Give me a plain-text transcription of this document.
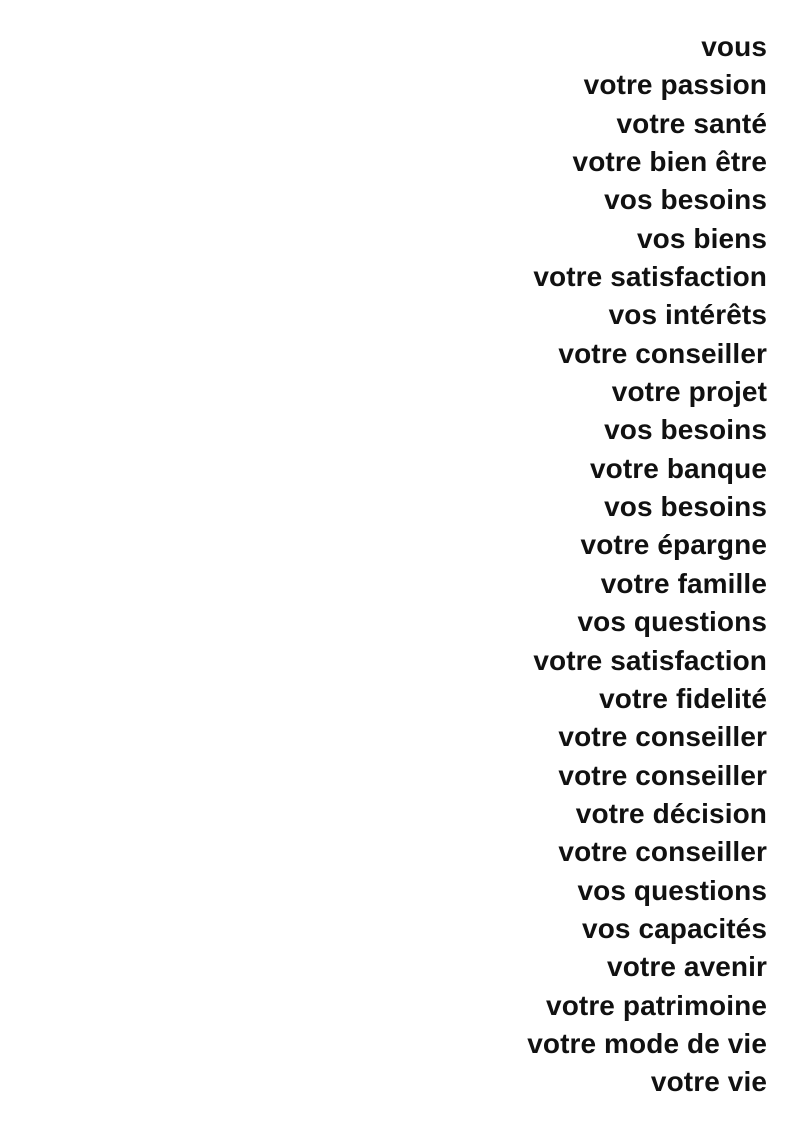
vous
votre passion
votre santé
votre bien être
vos besoins
vos biens
votre satisfaction
vos intérêts
votre conseiller
votre projet
vos besoins
votre banque
vos besoins
votre épargne
votre famille
vos questions
votre satisfaction
votre fidelité
votre conseiller
votre conseiller
votre décision
votre conseiller
vos questions
vos capacités
votre avenir
votre patrimoine
votre mode de vie
votre vie
